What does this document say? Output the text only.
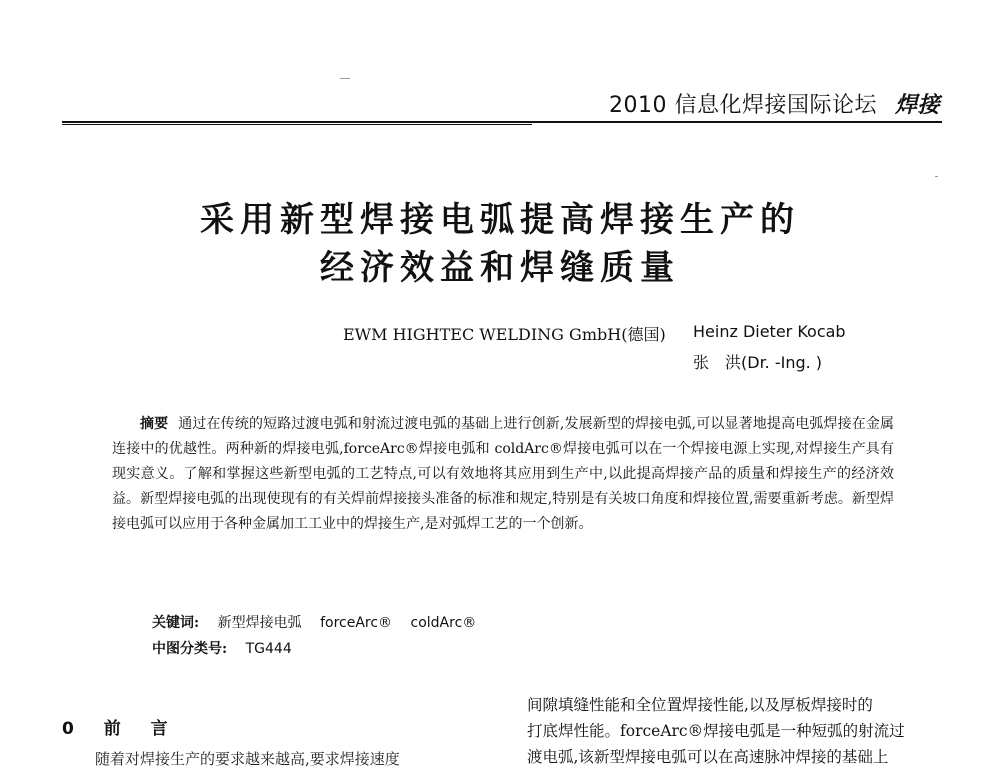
2010 信息化焊接国际论坛 焊接
采用新型焊接电弧提高焊接生产的
经济效益和焊缝质量
EWM HIGHTEC WELDING GmbH(德国) Heinz Dieter Kocab
张　洪(Dr. -Ing. )
摘要 通过在传统的短路过渡电弧和射流过渡电弧的基础上进行创新,发展新型的焊接电弧,可以显著地提高电弧焊接在金属连接中的优越性。两种新的焊接电弧,forceArc®焊接电弧和 coldArc®焊接电弧可以在一个焊接电源上实现,对焊接生产具有现实意义。了解和掌握这些新型电弧的工艺特点,可以有效地将其应用到生产中,以此提高焊接产品的质量和焊接生产的经济效益。新型焊接电弧的出现使现有的有关焊前焊接接头准备的标准和规定,特别是有关坡口角度和焊接位置,需要重新考虑。新型焊接电弧可以应用于各种金属加工工业中的焊接生产,是对弧焊工艺的一个创新。
关键词: 新型焊接电弧 forceArc® coldArc®
中图分类号: TG444
0 前 言
随着对焊接生产的要求越来越高,要求焊接速度

间隙填缝性能和全位置焊接性能,以及厚板焊接时的

打底焊性能。forceArc®焊接电弧是一种短弧的射流过

渡电弧,该新型焊接电弧可以在高速脉冲焊接的基础上
